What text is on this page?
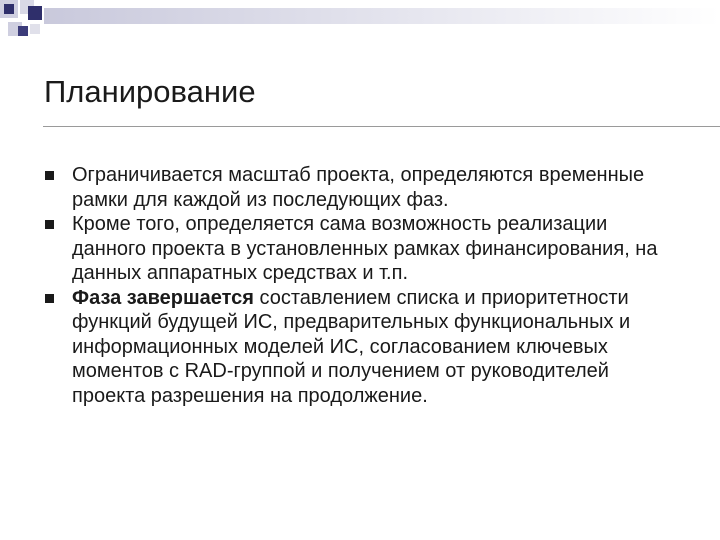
Планирование
Ограничивается масштаб проекта, определяются временные рамки для каждой из последующих фаз.
Кроме того, определяется сама возможность реализации данного проекта в установленных рамках финансирования, на данных аппаратных средствах и т.п.
Фаза завершается составлением списка и приоритетности функций будущей ИС, предварительных функциональных и информационных моделей ИС, согласованием ключевых моментов с RAD-группой и получением от руководителей проекта разрешения на продолжение.
